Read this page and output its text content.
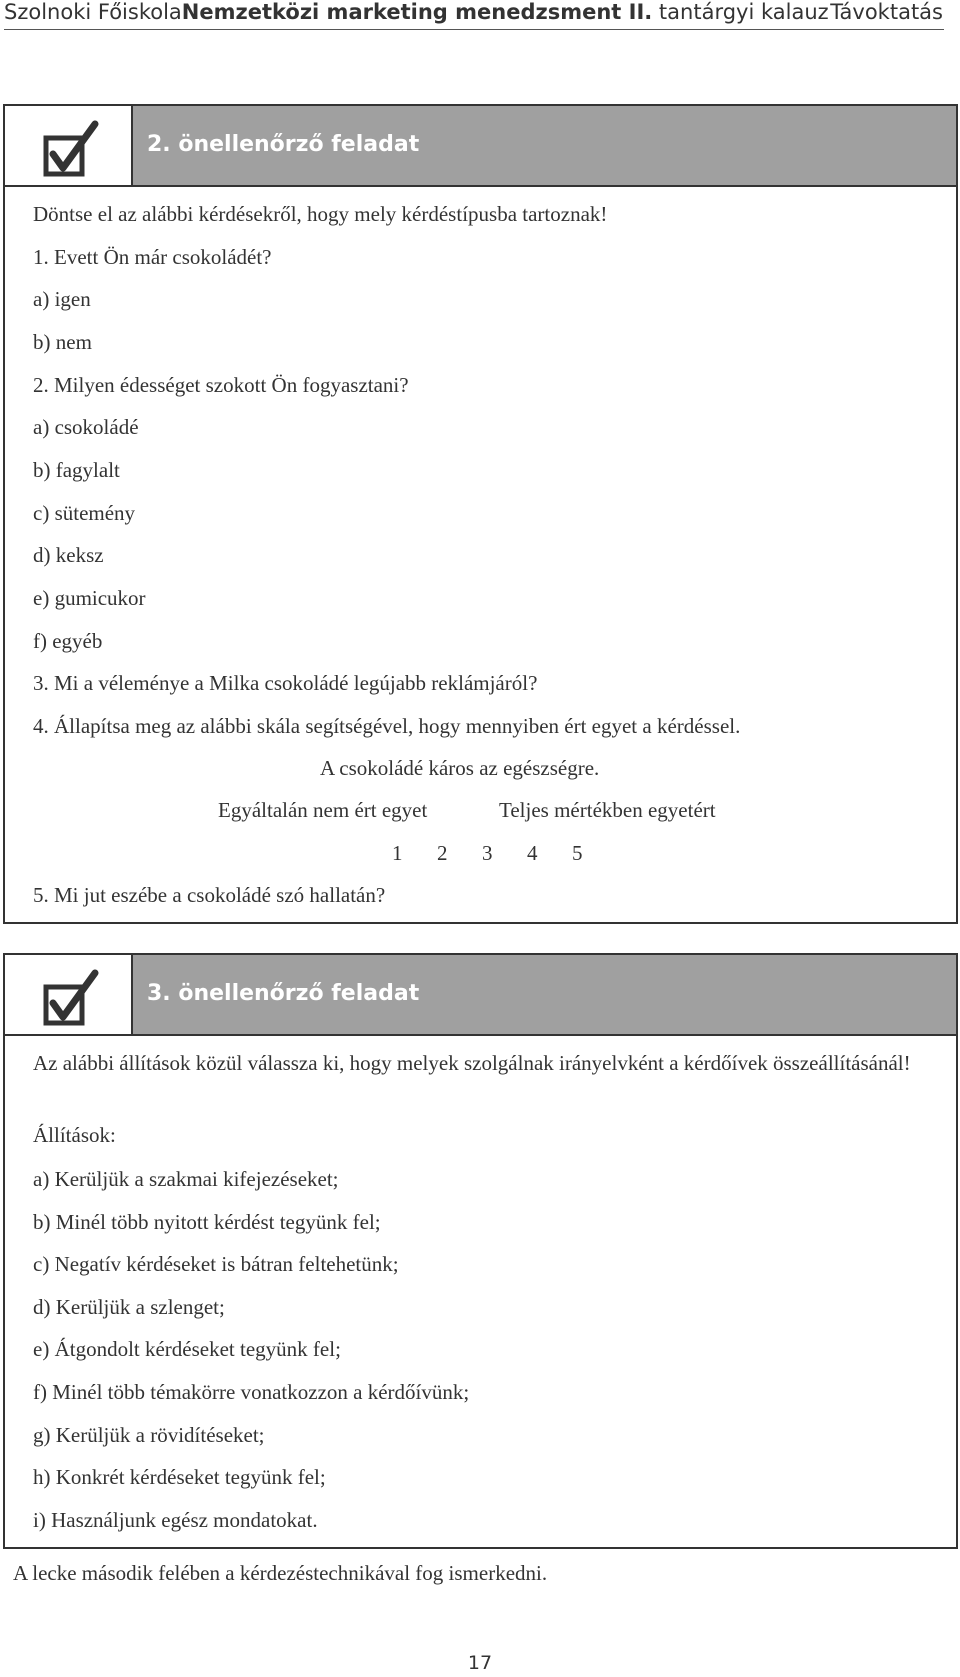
Szolnoki FőiskolaNemzetközi marketing menedzsment II. tantárgyi kalauz Távoktatás
2. önellenőrző feladat
Döntse el az alábbi kérdésekről, hogy mely kérdéstípusba tartoznak!
1. Evett Ön már csokoládét?
a) igen
b) nem
2. Milyen édességet szokott Ön fogyasztani?
a) csokoládé
b) fagylalt
c) sütemény
d) keksz
e) gumicukor
f) egyéb
3. Mi a véleménye a Milka csokoládé legújabb reklámjáról?
4. Állapítsa meg az alábbi skála segítségével, hogy mennyiben ért egyet a kérdéssel.
A csokoládé káros az egészségre.
Egyáltalán nem ért egyet	Teljes mértékben egyetért
1 2 3 4 5
5. Mi jut eszébe a csokoládé szó hallatán?
3. önellenőrző feladat
Az alábbi állítások közül válassza ki, hogy melyek szolgálnak irányelvként a kérdőívek összeállításánál!
Állítások:
a) Kerüljük a szakmai kifejezéseket;
b) Minél több nyitott kérdést tegyünk fel;
c) Negatív kérdéseket is bátran feltehetünk;
d) Kerüljük a szlenget;
e) Átgondolt kérdéseket tegyünk fel;
f) Minél több témakörre vonatkozzon a kérdőívünk;
g) Kerüljük a rövidítéseket;
h) Konkrét kérdéseket tegyünk fel;
i) Használjunk egész mondatokat.
A lecke második felében a kérdezéstechnikával fog ismerkedni.
17
